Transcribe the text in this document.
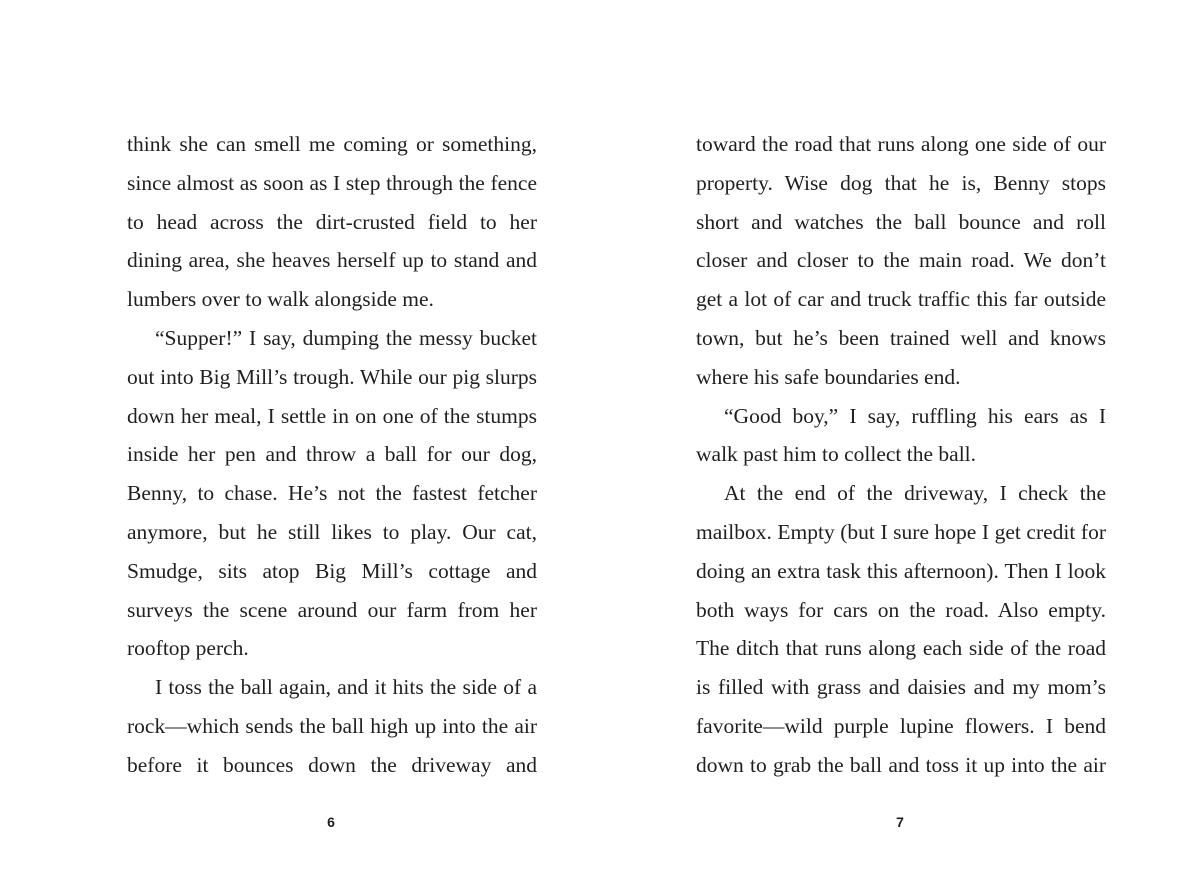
think she can smell me coming or something, since almost as soon as I step through the fence to head across the dirt-crusted field to her dining area, she heaves herself up to stand and lumbers over to walk alongside me.

“Supper!” I say, dumping the messy bucket out into Big Mill’s trough. While our pig slurps down her meal, I settle in on one of the stumps inside her pen and throw a ball for our dog, Benny, to chase. He’s not the fastest fetcher anymore, but he still likes to play. Our cat, Smudge, sits atop Big Mill’s cottage and surveys the scene around our farm from her rooftop perch.

I toss the ball again, and it hits the side of a rock—which sends the ball high up into the air before it bounces down the driveway and

6

toward the road that runs along one side of our property. Wise dog that he is, Benny stops short and watches the ball bounce and roll closer and closer to the main road. We don’t get a lot of car and truck traffic this far outside town, but he’s been trained well and knows where his safe boundaries end.

“Good boy,” I say, ruffling his ears as I walk past him to collect the ball.

At the end of the driveway, I check the mailbox. Empty (but I sure hope I get credit for doing an extra task this afternoon). Then I look both ways for cars on the road. Also empty. The ditch that runs along each side of the road is filled with grass and daisies and my mom’s favorite—wild purple lupine flowers. I bend down to grab the ball and toss it up into the air

7
